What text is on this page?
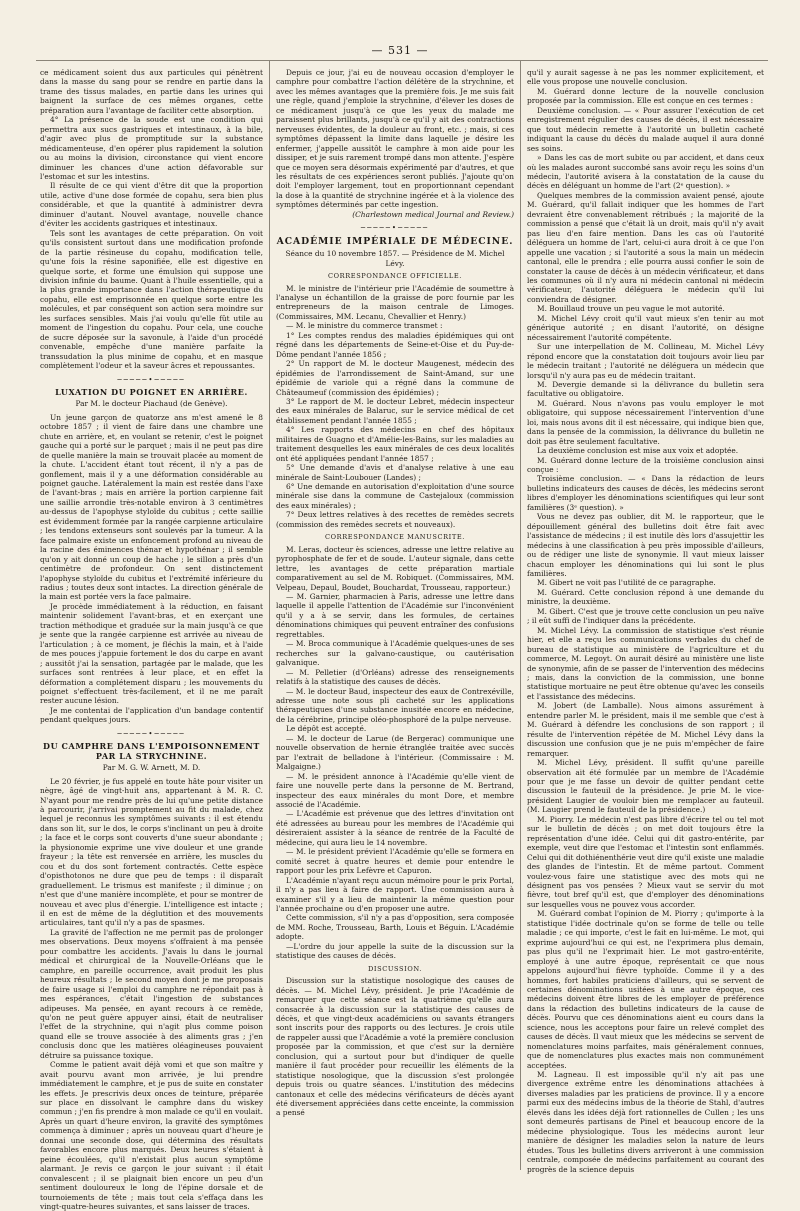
— 531 —

ce médicament soient dus aux particules qui pénètrent dans la masse du sang pour se rendre en partie dans la trame des tissus malades, en partie dans les urines qui baignent la surface de ces mêmes organes, cette préparation aura l'avantage de faciliter cette absorption.

4° La présence de la soude est une condition qui permettra aux sucs gastriques et intestinaux, à la bile, d'agir avec plus de promptitude sur la substance médicamenteuse, d'en opérer plus rapidement la solution ou au moins la division, circonstance qui vient encore diminuer les chances d'une action défavorable sur l'estomac et sur les intestins.

Il résulte de ce qui vient d'être dit que la proportion utile, active d'une dose formée de copahu, sera bien plus considérable, et que la quantité à administrer devra diminuer d'autant. Nouvel avantage, nouvelle chance d'éviter les accidents gastriques et intestinaux.

Tels sont les avantages de cette préparation. On voit qu'ils consistent surtout dans une modification profonde de la partie résineuse du copahu, modification telle, qu'une fois la résine saponifiée, elle est digestive en quelque sorte, et forme une émulsion qui suppose une division infinie du baume. Quant à l'huile essentielle, qui a la plus grande importance dans l'action thérapeutique du copahu, elle est emprisonnée en quelque sorte entre les molécules, et par conséquent son action sera moindre sur les surfaces sensibles. Mais j'ai voulu qu'elle fût utile au moment de l'ingestion du copahu. Pour cela, une couche de sucre déposée sur la savonule, à l'aide d'un procédé convenable, empêche d'une manière parfaite la transsudation la plus minime de copahu, et en masque complètement l'odeur et la saveur âcres et repoussantes.

─────•─────
LUXATION DU POIGNET EN ARRIÈRE.
Par M. le docteur Piachaud (de Genève).

Un jeune garçon de quatorze ans m'est amené le 8 octobre 1857 ; il vient de faire dans une chambre une chute en arrière, et, en voulant se retenir, c'est le poignet gauche qui a porté sur le parquet ; mais il ne peut pas dire de quelle manière la main se trouvait placée au moment de la chute. L'accident étant tout récent, il n'y a pas de gonflement, mais il y a une déformation considérable au poignet gauche. Latéralement la main est restée dans l'axe de l'avant-bras ; mais en arrière la portion carpienne fait une saillie arrondie très-notable environ à 3 centimètres au-dessus de l'apophyse styloïde du cubitus ; cette saillie est évidemment formée par la rangée carpienne articulaire ; les tendons extenseurs sont soulevés par la tumeur. A la face palmaire existe un enfoncement profond au niveau de la racine des éminences thénar et hypothénar ; il semble qu'on y ait donné un coup de hache ; le sillon a près d'un centimètre de profondeur. On sent distinctement l'apophyse styloïde du cubitus et l'extrémité inférieure du radius ; toutes deux sont intactes. La direction générale de la main est portée vers la face palmaire.

Je procède immédiatement à la réduction, en faisant maintenir solidement l'avant-bras, et en exerçant une traction méthodique et graduée sur la main jusqu'à ce que je sente que la rangée carpienne est arrivée au niveau de l'articulation ; à ce moment, je fléchis la main, et à l'aide de mes pouces j'appuie fortement le dos du carpe en avant ; aussitôt j'ai la sensation, partagée par le malade, que les surfaces sont rentrées à leur place, et en effet la déformation a complétement disparu ; les mouvements du poignet s'effectuent très-facilement, et il ne me paraît rester aucune lésion.

Je me contentai de l'application d'un bandage contentif pendant quelques jours.

─────•─────
DU CAMPHRE DANS L'EMPOISONNEMENT PAR LA STRYCHNINE.
Par M. G. W. Arnett, M. D.

Le 20 février, je fus appelé en toute hâte pour visiter un nègre, âgé de vingt-huit ans, appartenant à M. R. C. N'ayant pour me rendre près de lui qu'une petite distance à parcourir, j'arrivai promptement au fit du malade, chez lequel je reconnus les symptômes suivants : il est étendu dans son lit, sur le dos, le corps s'inclinant un peu à droite ; la face et le corps sont couverts d'une sueur abondante ; la physionomie exprime une vive douleur et une grande frayeur ; la tête est renversée en arrière, les muscles du cou et du dos sont fortement contractés. Cette espèce d'opisthotonos ne dure que peu de temps : il disparaît graduellement. Le trismus est manifeste ; il diminue ; on n'est que d'une manière incomplète, et pour se montrer de nouveau et avec plus d'énergie. L'intelligence est intacte ; il en est de même de la déglutition et des mouvements articulaires, tant qu'il n'y a pas de spasmes.

La gravité de l'affection ne me permit pas de prolonger mes observations. Deux moyens s'offraient à ma pensée pour combattre les accidents. J'avais lu dans le journal médical et chirurgical de la Nouvelle-Orléans que le camphre, en pareille occurrence, avait produit les plus heureux résultats ; le second moyen dont je me proposais de faire usage si l'emploi du camphre ne répondait pas à mes espérances, c'était l'ingestion de substances adipeuses. Ma pensée, en ayant recours à ce remède, qu'on ne peut guère appuyer ainsi, était de neutraliser l'effet de la strychnine, qui n'agit plus comme poison quand elle se trouve associée à des aliments gras ; j'en conclusis donc que les matières oléagineuses pouvaient détruire sa puissance toxique.

Comme le patient avait déjà vomi et que son maître y avait pourvu avant mon arrivée, je lui prendre immédiatement le camphre, et je pus de suite en constater les effets. Je prescrivis deux onces de teinture, préparée sur place en dissolvant le camphre dans du wiskey commun ; j'en fis prendre à mon malade ce qu'il en voulait. Après un quart d'heure environ, la gravité des symptômes commença à diminuer ; après un nouveau quart d'heure je donnai une seconde dose, qui détermina des résultats favorables encore plus marqués. Deux heures s'étaient à peine écoulées, qu'il n'existait plus aucun symptôme alarmant. Je revis ce garçon le jour suivant : il était convalescent ; il se plaignait bien encore un peu d'un sentiment douloureux le long de l'épine dorsale et de tournoiements de tête ; mais tout cela s'effaça dans les vingt-quatre-heures suivantes, et sans laisser de traces.

Depuis ce jour, j'ai eu de nouveau occasion d'employer le camphre pour combattre l'action délétère de la strychnine, et avec les mêmes avantages que la première fois. Je me suis fait une règle, quand j'emploie la strychnine, d'élever les doses de ce médicament jusqu'à ce que les yeux du malade me paraissent plus brillants, jusqu'à ce qu'il y ait des contractions nerveuses évidentes, de la douleur au front, etc. ; mais, si ces symptômes dépassent la limite dans laquelle je désire les enfermer, j'appelle aussitôt le camphre à mon aide pour les dissiper, et je suis rarement trompé dans mon attente. J'espère que ce moyen sera désormais expérimenté par d'autres, et que les résultats de ces expériences seront publiés. J'ajoute qu'on doit l'employer largement, tout en proportionnant cependant la dose à la quantité de strychnine ingérée et à la violence des symptômes déterminés par cette ingestion.

(Charlestown medical Journal and Review.)
─────•─────
ACADÉMIE IMPÉRIALE DE MÉDECINE.
Séance du 10 novembre 1857. — Présidence de M. Michel Lévy.
CORRESPONDANCE OFFICIELLE.

M. le ministre de l'intérieur prie l'Académie de soumettre à l'analyse un échantillon de la graisse de porc fournie par les entrepreneurs de la maison centrale de Limoges. (Commissaires, MM. Lecanu, Chevallier et Henry.)

— M. le ministre du commerce transmet :

1° Les comptes rendus des maladies épidémiques qui ont régné dans les départements de Seine-et-Oise et du Puy-de-Dôme pendant l'année 1856 ;

2° Un rapport de M. le docteur Maugenest, médecin des épidémies de l'arrondissement de Saint-Amand, sur une épidémie de variole qui a régné dans la commune de Châteaumeuf (commission des épidémies) ;

3° Le rapport de M. le docteur Lebret, médecin inspecteur des eaux minérales de Balaruc, sur le service médical de cet établissement pendant l'année 1855 ;

4° Les rapports des médecins en chef des hôpitaux militaires de Guagno et d'Amélie-les-Bains, sur les maladies au traitement desquelles les eaux minérales de ces deux localités ont été appliquées pendant l'année 1857 ;

5° Une demande d'avis et d'analyse relative à une eau minérale de Saint-Loubouer (Landes) ;

6° Une demande en autorisation d'exploitation d'une source minérale sise dans la commune de Castejaloux (commission des eaux minérales) ;

7° Deux lettres relatives à des recettes de remèdes secrets (commission des remèdes secrets et nouveaux).

CORRESPONDANCE MANUSCRITE.

M. Leras, docteur ès sciences, adresse une lettre relative au pyrophosphate de fer et de soude. L'auteur signale, dans cette lettre, les avantages de cette préparation martiale comparativement au sel de M. Robiquet. (Commissaires, MM. Velpeau, Depaul, Boudet, Bouchardat, Trousseau, rapporteur.)

— M. Garnier, pharmacien à Paris, adresse une lettre dans laquelle il appelle l'attention de l'Académie sur l'inconvénient qu'il y a à se servir, dans les formules, de certaines dénominations chimiques qui peuvent entraîner des confusions regrettables.

— M. Broca communique à l'Académie quelques-unes de ses recherches sur la galvano-caustique, ou cautérisation galvanique.

— M. Pelletier (d'Orléans) adresse des renseignements relatifs à la statistique des causes de décès.

— M. le docteur Baud, inspecteur des eaux de Contrexéville, adresse une note sous pli cacheté sur les applications thérapeutiques d'une substance inusitée encore en médecine, de la cérébrine, principe oléo-phosphoré de la pulpe nerveuse.

Le dépôt est accepté.

— M. le docteur de Larue (de Bergerac) communique une nouvelle observation de hernie étranglée traitée avec succès par l'extrait de belladone à l'intérieur. (Commissaire : M. Malgaigne.)

— M. le président annonce à l'Académie qu'elle vient de faire une nouvelle perte dans la personne de M. Bertrand, inspecteur des eaux minérales du mont Dore, et membre associé de l'Académie.

— L'Académie est prévenue que des lettres d'invitation ont été adressées au bureau pour les membres de l'Académie qui désireraient assister à la séance de rentrée de la Faculté de médecine, qui aura lieu le 14 novembre.

— M. le président prévient l'Académie qu'elle se formera en comité secret à quatre heures et demie pour entendre le rapport pour les prix Lefèvre et Capuron.

L'Académie n'ayant reçu aucun mémoire pour le prix Portal, il n'y a pas lieu à faire de rapport. Une commission aura à examiner s'il y a lieu de maintenir la même question pour l'année prochaine ou d'en proposer une autre.

Cette commission, s'il n'y a pas d'opposition, sera composée de MM. Roche, Trousseau, Barth, Louis et Béguin. L'Académie adopte.

—L'ordre du jour appelle la suite de la discussion sur la statistique des causes de décès.

DISCUSSION.

Discussion sur la statistique nosologique des causes de décès. — M. Michel Lévy, président. Je prie l'Académie de remarquer que cette séance est la quatrième qu'elle aura consacrée à la discussion sur la statistique des causes de décès, et que vingt-deux académiciens ou savants étrangers sont inscrits pour des rapports ou des lectures. Je crois utile de rappeler aussi que l'Académie a voté la première conclusion proposée par la commission, et que c'est sur la dernière conclusion, qui a surtout pour but d'indiquer de quelle manière il faut procéder pour recueillir les éléments de la statistique nosologique, que la discussion s'est prolongée depuis trois ou quatre séances. L'institution des médecins cantonaux et celle des médecins vérificateurs de décès ayant été diversement appréciées dans cette enceinte, la commission a pensé

qu'il y aurait sagesse à ne pas les nommer explicitement, et elle vous propose une nouvelle conclusion.

M. Guérard donne lecture de la nouvelle conclusion proposée par la commission. Elle est conçue en ces termes :

Deuxième conclusion. — « Pour assurer l'exécution de cet enregistrement régulier des causes de décès, il est nécessaire que tout médecin remette à l'autorité un bulletin cacheté indiquant la cause du décès du malade auquel il aura donné ses soins.

» Dans les cas de mort subite ou par accident, et dans ceux où les malades auront succombé sans avoir reçu les soins d'un médecin, l'autorité avisera à la constatation de la cause du décès en déléguant un homme de l'art (2ᵉ question). »

Quelques membres de la commission avaient pensé, ajoute M. Guérard, qu'il fallait indiquer que les hommes de l'art devraient être convenablement rétribués ; la majorité de la commission a pensé que c'était là un droit, mais qu'il n'y avait pas lieu d'en faire mention. Dans les cas où l'autorité déléguera un homme de l'art, celui-ci aura droit à ce que l'on appelle une vacation ; si l'autorité a sous la main un médecin cantonal, elle le prendra ; elle pourra aussi confier le soin de constater la cause de décès à un médecin vérificateur, et dans les communes où il n'y aura ni médecin cantonal ni médecin vérificateur, l'autorité déléguera le médecin qu'il lui conviendra de désigner.

M. Bouillaud trouve un peu vague le mot autorité.

M. Michel Lévy croit qu'il vaut mieux s'en tenir au mot générique autorité ; en disant l'autorité, on désigne nécessairement l'autorité compétente.

Sur une interpellation de M. Collineau, M. Michel Lévy répond encore que la constatation doit toujours avoir lieu par le médecin traitant ; l'autorité ne déléguera un médecin que lorsqu'il n'y aura pas eu de médecin traitant.

M. Devergie demande si la délivrance du bulletin sera facultative ou obligatoire.

M. Guérard. Nous n'avons pas voulu employer le mot obligatoire, qui suppose nécessairement l'intervention d'une loi, mais nous avons dit il est nécessaire, qui indique bien que, dans la pensée de la commission, la délivrance du bulletin ne doit pas être seulement facultative.

La deuxième conclusion est mise aux voix et adoptée.

M. Guérard donne lecture de la troisième conclusion ainsi conçue :

Troisième conclusion. — « Dans la rédaction de leurs bulletins indicateurs des causes de décès, les médecins seront libres d'employer les dénominations scientifiques qui leur sont familières (3ᵉ question). »

Vous ne devez pas oublier, dit M. le rapporteur, que le dépouillement général des bulletins doit être fait avec l'assistance de médecins ; il est inutile dès lors d'assujettir les médecins à une classification à peu près impossible d'ailleurs, ou de rédiger une liste de synonymie. Il vaut mieux laisser chacun employer les dénominations qui lui sont le plus familières.

M. Gibert ne voit pas l'utilité de ce paragraphe.

M. Guérard. Cette conclusion répond à une demande du ministre, la deuxième.

M. Gibert. C'est que je trouve cette conclusion un peu naïve ; il eût suffi de l'indiquer dans la précédente.

M. Michel Lévy. La commission de statistique s'est réunie hier, et elle a reçu les communications verbales du chef de bureau de statistique au ministère de l'agriculture et du commerce, M. Legoyt. On aurait désiré au ministère une liste de synonymie, afin de se passer de l'intervention des médecins ; mais, dans la conviction de la commission, une bonne statistique mortuaire ne peut être obtenue qu'avec les conseils et l'assistance des médecins.

M. Jobert (de Lamballe). Nous aimons assurément à entendre parler M. le président, mais il me semble que c'est à M. Guérard à défendre les conclusions de son rapport ; il résulte de l'intervention répétée de M. Michel Lévy dans la discussion une confusion que je ne puis m'empêcher de faire remarquer.

M. Michel Lévy, président. Il suffit qu'une pareille observation ait été formulée par un membre de l'Académie pour que je me fasse un devoir de quitter pendant cette discussion le fauteuil de la présidence. Je prie M. le vice-président Laugier de vouloir bien me remplacer au fauteuil. (M. Laugier prend le fauteuil de la présidence.)

M. Piorry. Le médecin n'est pas libre d'écrire tel ou tel mot sur le bulletin de décès ; on met doit toujours être la représentation d'une idée. Celui qui dit gastro-entérite, par exemple, veut dire que l'estomac et l'intestin sont enflammés. Celui qui dit dothiénenthérie veut dire qu'il existe une maladie des glandes de l'intestin. Et de même partout. Comment voulez-vous faire une statistique avec des mots qui ne désignent pas vos pensées ? Mieux vaut se servir du mot fièvre, tout bref qu'il est, que d'employer des dénominations sur lesquelles vous ne pouvez vous accorder.

M. Guérard combat l'opinion de M. Piorry ; qu'importe à la statistique l'idée doctrinale qu'on se forme de telle ou telle maladie ; ce qui importe, c'est le fait en lui-même. Le mot, qui exprime aujourd'hui ce qui est, ne l'exprimera plus demain, pas plus qu'il ne l'exprimait hier. Le mot gastro-entérite, employé à une autre époque, représentait ce que nous appelons aujourd'hui fièvre typhoïde. Comme il y a des hommes, fort habiles praticiens d'ailleurs, qui se servent de certaines dénominations usitées à une autre époque, ces médecins doivent être libres de les employer de préférence dans la rédaction des bulletins indicateurs de la cause de décès. Pourvu que ces dénominations aient eu cours dans la science, nous les acceptons pour faire un relevé complet des causes de décès. Il vaut mieux que les médecins se servent de nomenclatures moins parfaites, mais généralement connues, que de nomenclatures plus exactes mais non communément acceptées.

M. Lagneau. Il est impossible qu'il n'y ait pas une divergence extrême entre les dénominations attachées à diverses maladies par les praticiens de province. Il y a encore parmi eux des médecins imbus de la théorie de Stahl, d'autres élevés dans les idées déjà fort rationnelles de Cullen ; les uns sont demeurés partisans de Pinel et beaucoup encore de la médecine physiologique. Tous les médecins auront leur manière de désigner les maladies selon la nature de leurs études. Tous les bulletins divers arriveront à une commission centrale, composée de médecins parfaitement au courant des progrès de la science depuis
